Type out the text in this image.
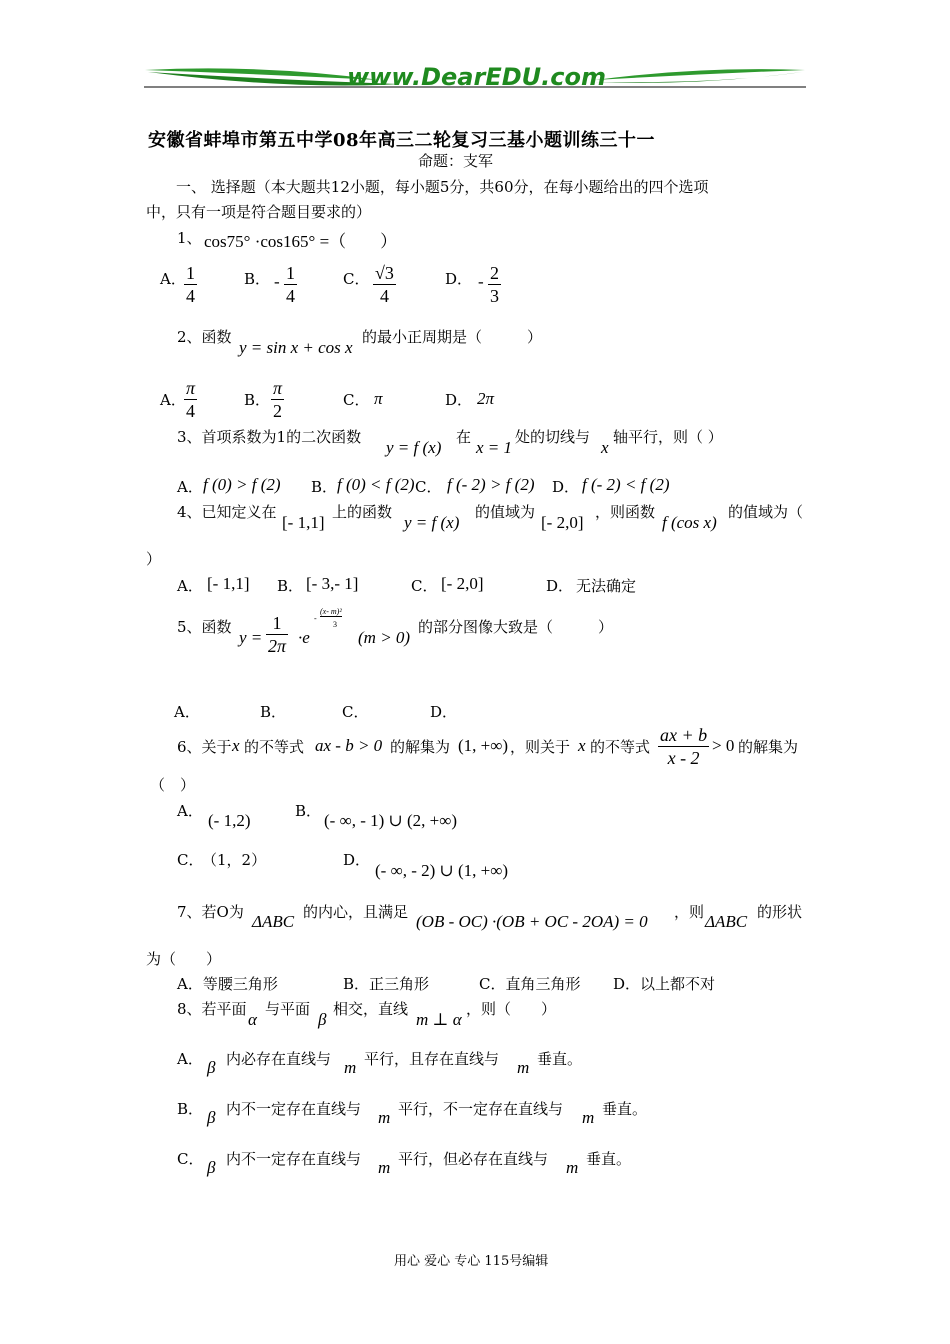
www.DearEDU.com
安徽省蚌埠市第五中学08年高三二轮复习三基小题训练三十一
命题：支军
一、 选择题（本大题共12小题，每小题5分，共60分，在每小题给出的四个选项
中，只有一项是符合题目要求的）
1、 cos75° ·cos165° =（　　）
A．
$\frac{1}{4}$	B． - $\frac{1}{4}$	C． $\frac{√3}{4}$	D． - $\frac{2}{3}$
2、函数
y = sin x + cos x
的最小正周期是（　　　）
A．
$\frac{\pi}{4}$	B． $\frac{\pi}{2}$	C． π	D． 2π
3、首项系数为1的二次函数
y = f (x)
在
x = 1
处的切线与
x
轴平行，则（ ）
A． f (0) > f (2) B． f (0) < f (2) C． f (- 2) > f (2) D． f (- 2) < f (2)
4、已知定义在
[- 1,1]
上的函数
y = f (x)
的值域为
[- 2,0]
，则函数
f (cos x)
的值域为（
）
A． [- 1,1] B． [- 3,- 1]	C． [- 2,0]	D． 无法确定
5、函数
$y = \frac{1}{2\pi} \cdot e$
-
(x- m)²
3
(m > 0)
的部分图像大致是（　　　）
A．	B．	C．	D．
6、关于 x 的不等式 ax - b > 0 的解集为 (1, +∞) ，则关于 x 的不等式 $\frac{ax + b}{x - 2} > 0$ 的解集为
（　）
A． (- 1,2)	B． (- ∞, - 1) ∪ (2, +∞)
C．
（1，2）	D．
(- ∞, - 2) ∪ (1, +∞)
7、若O为 ΔABC 的内心，且满足 (OB - OC) ·(OB + OC - 2OA) = 0 ，则 ΔABC 的形状
为（　　）
A．等腰三角形	B．正三角形	C．直角三角形 D．以上都不对
8、若平面
α
与平面
β
相交，直线
m ⊥ α
，则（　　）
A． β 内必存在直线与 m 平行，且存在直线与 m 垂直。
B． β 内不一定存在直线与 m 平行，不一定存在直线与 m 垂直。
C． β 内不一定存在直线与 m 平行，但必存在直线与 m 垂直。
用心 爱心 专心 115号编辑
